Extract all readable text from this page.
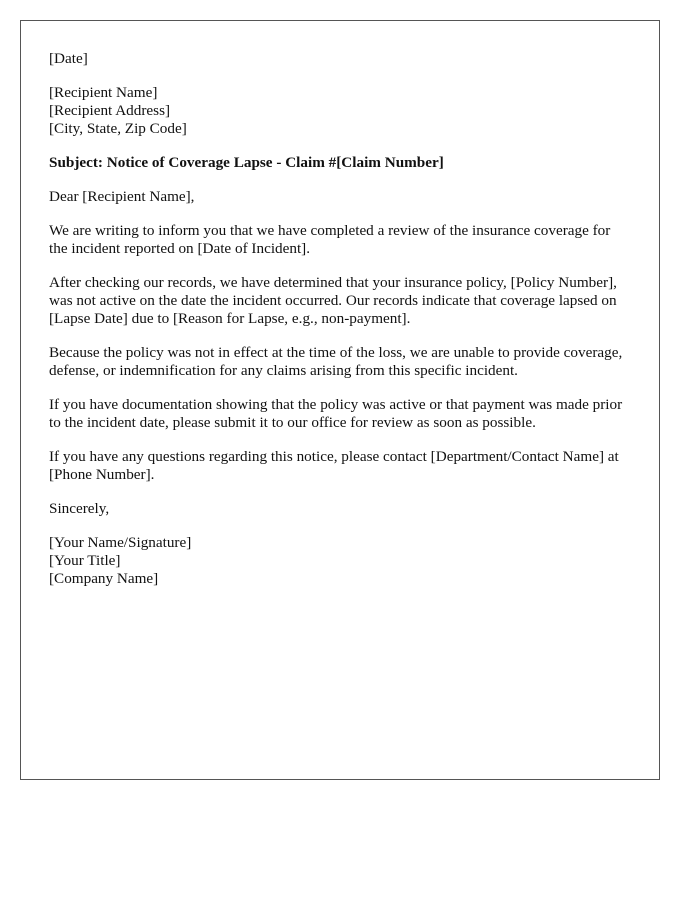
[Date]
[Recipient Name]
[Recipient Address]
[City, State, Zip Code]
Subject: Notice of Coverage Lapse - Claim #[Claim Number]
Dear [Recipient Name],

We are writing to inform you that we have completed a review of the insurance coverage for the incident reported on [Date of Incident].

After checking our records, we have determined that your insurance policy, [Policy Number], was not active on the date the incident occurred. Our records indicate that coverage lapsed on [Lapse Date] due to [Reason for Lapse, e.g., non-payment].

Because the policy was not in effect at the time of the loss, we are unable to provide coverage, defense, or indemnification for any claims arising from this specific incident.

If you have documentation showing that the policy was active or that payment was made prior to the incident date, please submit it to our office for review as soon as possible.

If you have any questions regarding this notice, please contact [Department/Contact Name] at [Phone Number].

Sincerely,
[Your Name/Signature]
[Your Title]
[Company Name]
